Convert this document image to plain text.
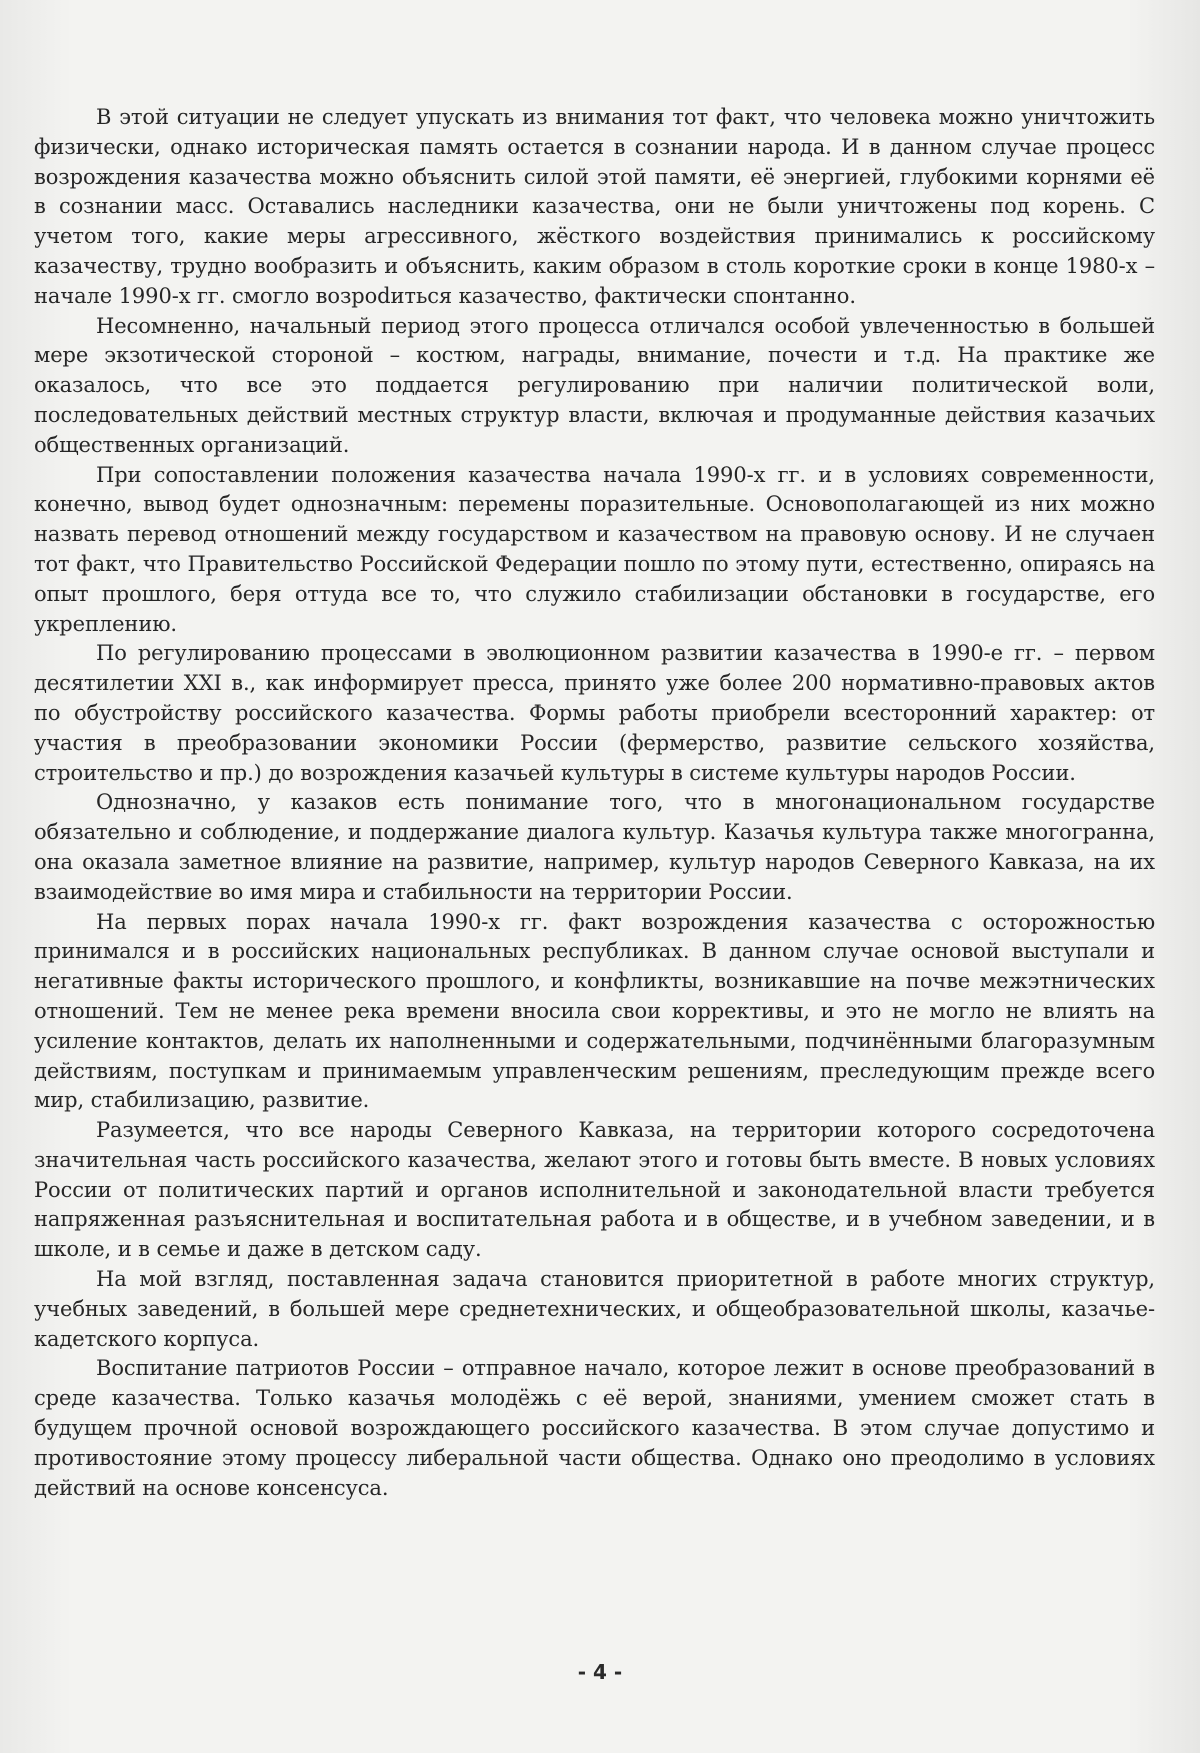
В этой ситуации не следует упускать из внимания тот факт, что человека можно уничтожить физически, однако историческая память остается в сознании народа. И в данном случае процесс возрождения казачества можно объяснить силой этой памяти, её энергией, глубокими корнями её в сознании масс. Оставались наследники казачества, они не были уничтожены под корень. С учетом того, какие меры агрессивного, жёсткого воздействия принимались к российскому казачеству, трудно вообразить и объяснить, каким образом в столь короткие сроки в конце 1980-х – начале 1990-х гг. смогло возроdиться казачество, фактически спонтанно.

Несомненно, начальный период этого процесса отличался особой увлеченностью в большей мере экзотической стороной – костюм, награды, внимание, почести и т.д. На практике же оказалось, что все это поддается регулированию при наличии политической воли, последовательных действий местных структур власти, включая и продуманные действия казачьих общественных организаций.

При сопоставлении положения казачества начала 1990-х гг. и в условиях современности, конечно, вывод будет однозначным: перемены поразительные. Основополагающей из них можно назвать перевод отношений между государством и казачеством на правовую основу. И не случаен тот факт, что Правительство Российской Федерации пошло по этому пути, естественно, опираясь на опыт прошлого, беря оттуда все то, что служило стабилизации обстановки в государстве, его укреплению.

По регулированию процессами в эволюционном развитии казачества в 1990-е гг. – первом десятилетии XXI в., как информирует пресса, принято уже более 200 нормативно-правовых актов по обустройству российского казачества. Формы работы приобрели всесторонний характер: от участия в преобразовании экономики России (фермерство, развитие сельского хозяйства, строительство и пр.) до возрождения казачьей культуры в системе культуры народов России.

Однозначно, у казаков есть понимание того, что в многонациональном государстве обязательно и соблюдение, и поддержание диалога культур. Казачья культура также многогранна, она оказала заметное влияние на развитие, например, культур народов Северного Кавказа, на их взаимодействие во имя мира и стабильности на территории России.

На первых порах начала 1990-х гг. факт возрождения казачества с осторожностью принимался и в российских национальных республиках. В данном случае основой выступали и негативные факты исторического прошлого, и конфликты, возникавшие на почве межэтнических отношений. Тем не менее река времени вносила свои коррективы, и это не могло не влиять на усиление контактов, делать их наполненными и содержательными, подчинёнными благоразумным действиям, поступкам и принимаемым управленческим решениям, преследующим прежде всего мир, стабилизацию, развитие.

Разумеется, что все народы Северного Кавказа, на территории которого сосредоточена значительная часть российского казачества, желают этого и готовы быть вместе. В новых условиях России от политических партий и органов исполнительной и законодательной власти требуется напряженная разъяснительная и воспитательная работа и в обществе, и в учебном заведении, и в школе, и в семье и даже в детском саду.

На мой взгляд, поставленная задача становится приоритетной в работе многих структур, учебных заведений, в большей мере среднетехнических, и общеобразовательной школы, казачье-кадетского корпуса.

Воспитание патриотов России – отправное начало, которое лежит в основе преобразований в среде казачества. Только казачья молодёжь с её верой, знаниями, умением сможет стать в будущем прочной основой возрождающего российского казачества. В этом случае допустимо и противостояние этому процессу либеральной части общества. Однако оно преодолимо в условиях действий на основе консенсуса.

- 4 -
